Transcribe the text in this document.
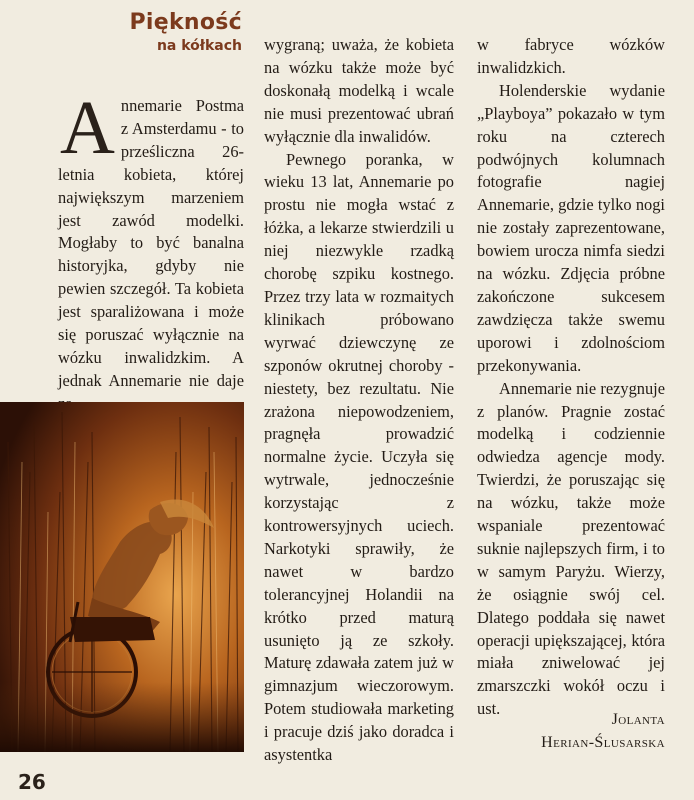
Piękność
na kółkach
A nnemarie Postma z Amsterdamu - to prześliczna 26-letnia kobieta, której największym marzeniem jest zawód modelki. Mogłaby to być banalna historyjka, gdyby nie pewien szczegół. Ta kobieta jest sparaliżowana i może się poruszać wyłącznie na wózku inwalidzkim. A jednak Annemarie nie daje

wygraną; uważa, że kobieta na wózku także może być doskonałą modelką i wcale nie musi prezentować ubrań wyłącznie dla inwalidów.

Pewnego poranka, w wieku 13 lat, Annemarie po prostu nie mogła wstać z łóżka, a lekarze stwierdzili u niej niezwykle rzadką chorobę szpiku kostnego. Przez trzy lata w rozmaitych klinikach próbowano wyrwać dziewczynę ze szponów okrutnej choroby - niestety, bez rezultatu. Nie zrażona niepowodzeniem, pragnęła prowadzić normalne życie. Uczyła się wytrwale, jednocześnie korzystając z kontrowersyjnych uciech. Narkotyki sprawiły, że nawet w bardzo tolerancyjnej Holandii na krótko przed maturą usunięto ją ze szkoły. Maturę zdawała zatem już w gimnazjum wieczorowym. Potem studiowała marketing i pracuje dziś jako doradca i asystentka

w fabryce wózków inwalidzkich.

Holenderskie wydanie „Playboya” pokazało w tym roku na czterech podwójnych kolumnach fotografie nagiej Annemarie, gdzie tylko nogi nie zostały zaprezentowane, bowiem urocza nimfa siedzi na wózku. Zdjęcia próbne zakończone sukcesem zawdzięcza także swemu uporowi i zdolnościom przekonywania.

Annemarie nie rezygnuje z planów. Pragnie zostać modelką i codziennie odwiedza agencje mody. Twierdzi, że poruszając się na wózku, także może wspaniale prezentować suknie najlepszych firm, i to w samym Paryżu. Wierzy, że osiągnie swój cel. Dlatego poddała się nawet operacji upiększającej, która miała zniwelować jej zmarszczki wokół oczu i ust.

Jolanta
Herian-Ślusarska
26
